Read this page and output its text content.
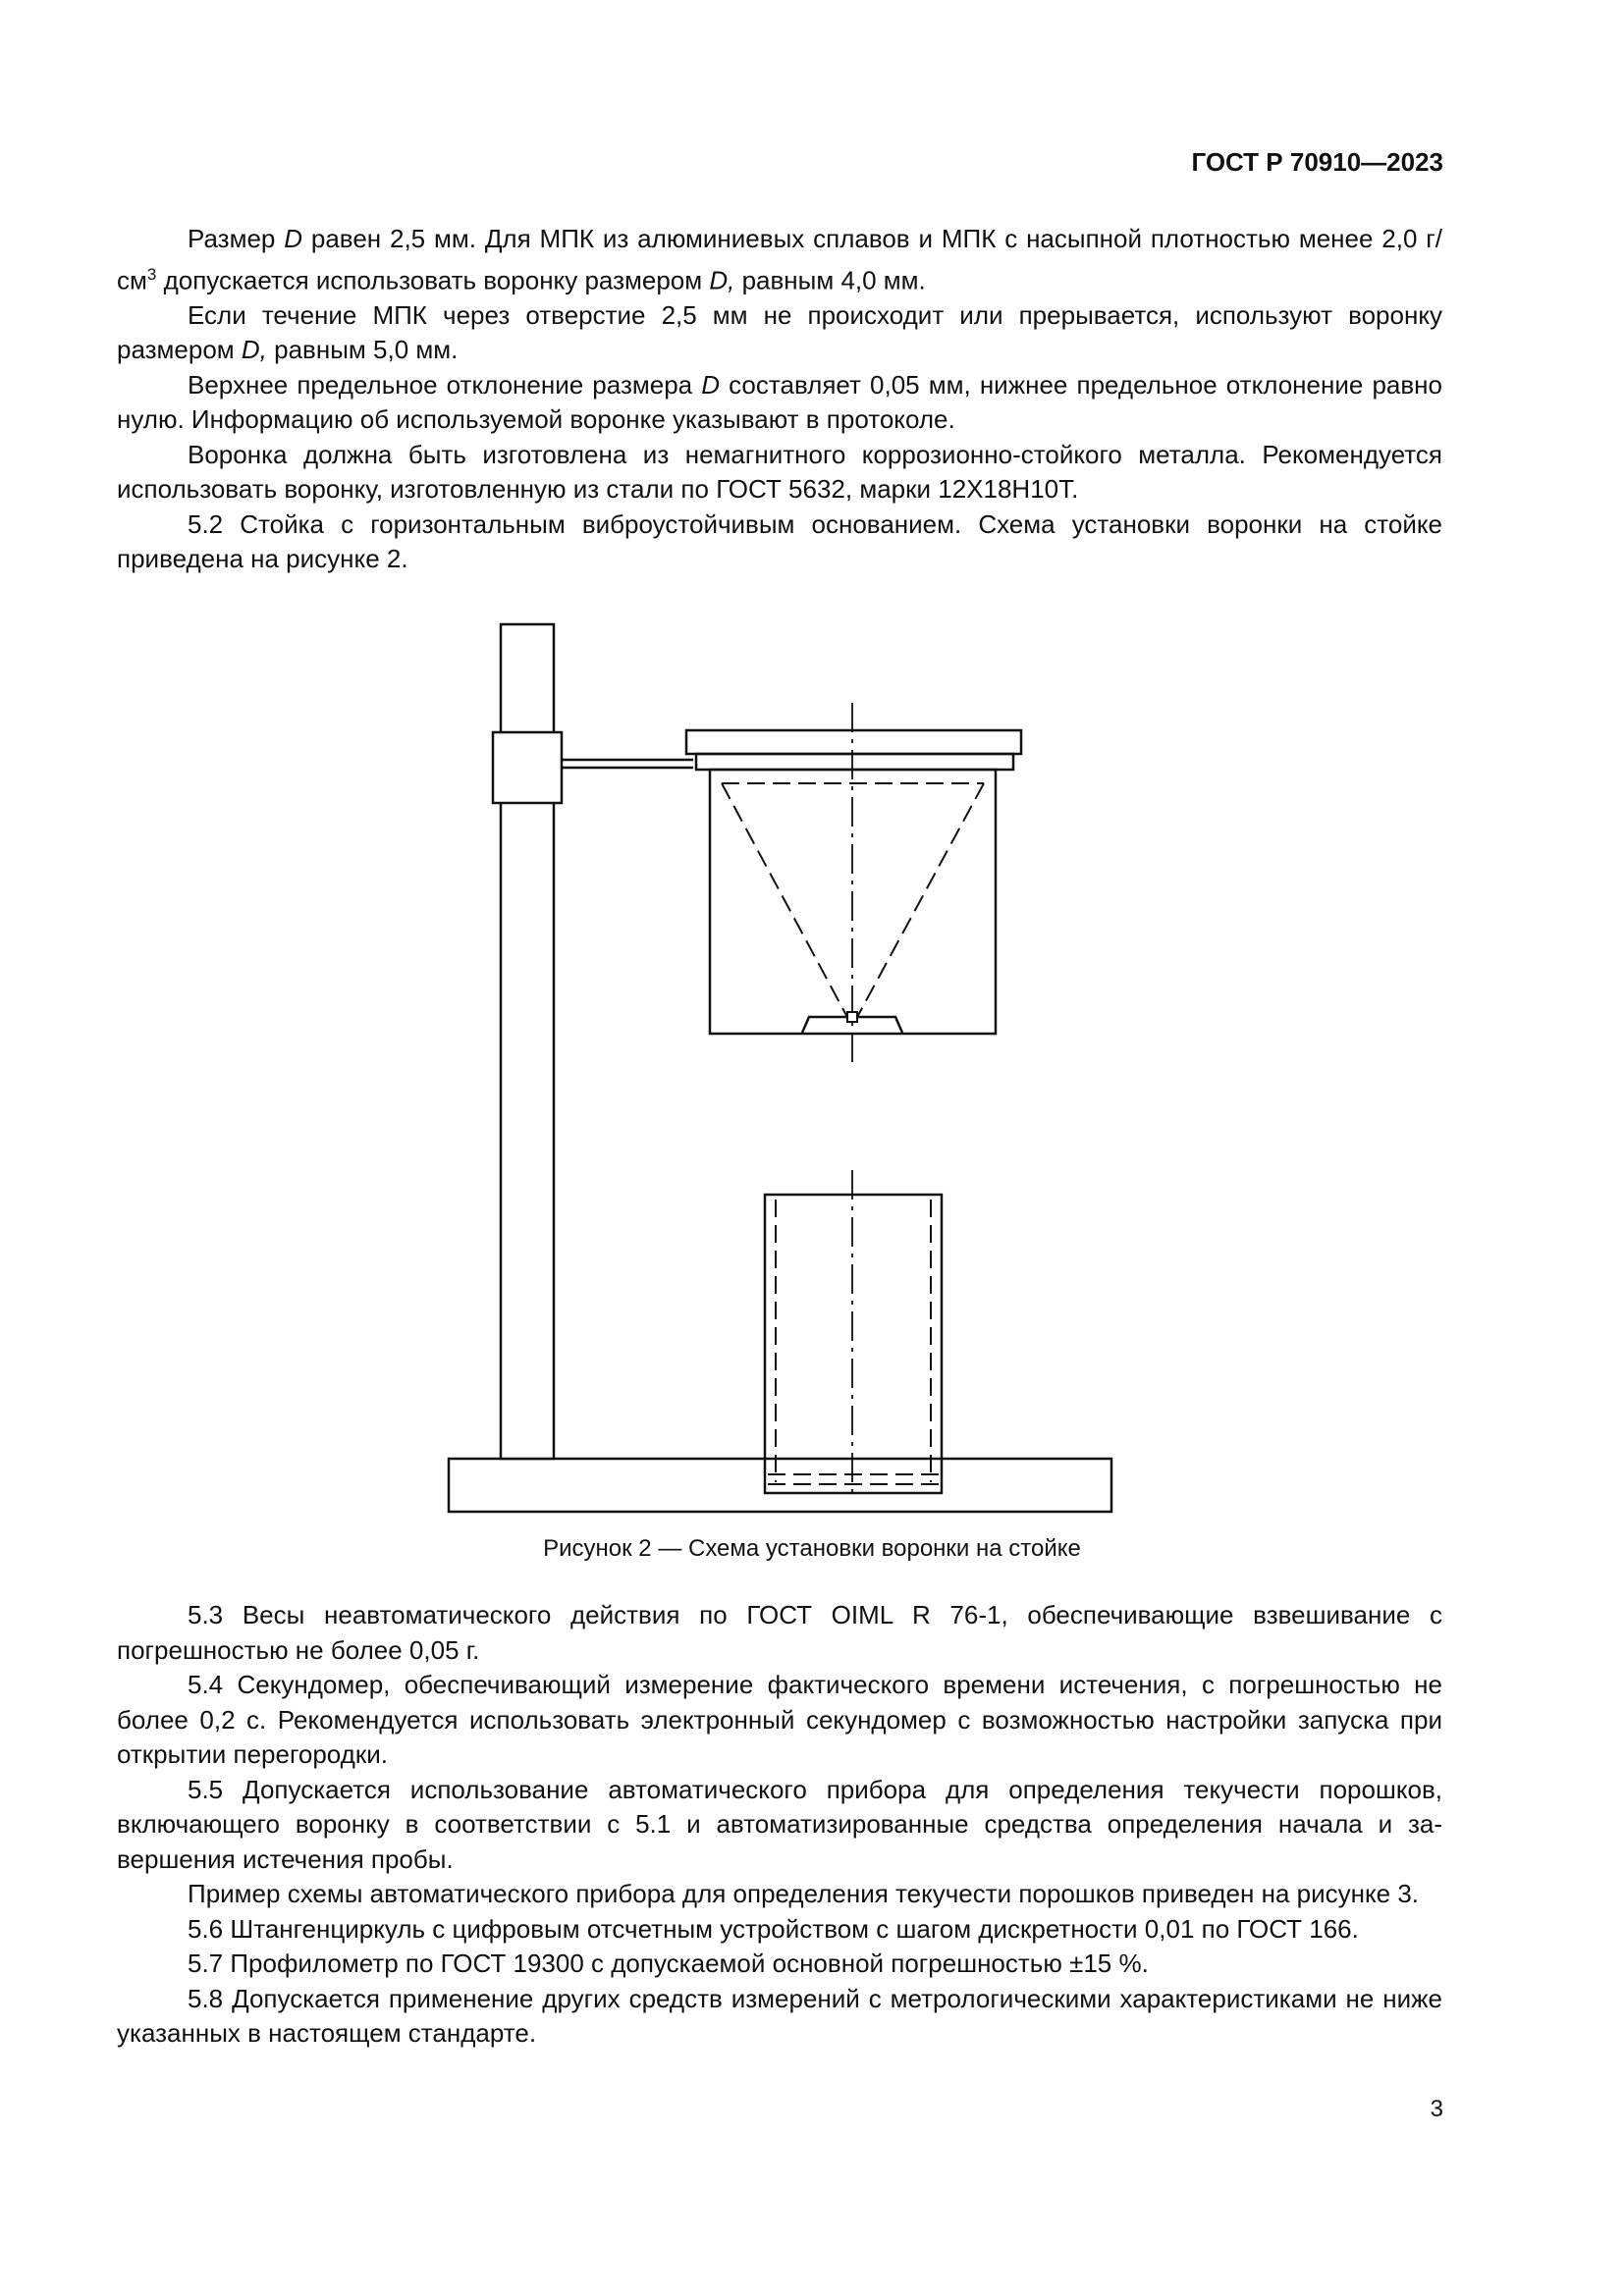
ГОСТ Р 70910—2023

Размер D равен 2,5 мм. Для МПК из алюминиевых сплавов и МПК с насыпной плотностью менее 2,0 $г/см^3$ допускается использовать воронку размером D, равным 4,0 мм.

Если течение МПК через отверстие 2,5 мм не происходит или прерывается, используют воронку размером D, равным 5,0 мм.

Верхнее предельное отклонение размера D составляет 0,05 мм, нижнее предельное отклонение равно нулю. Информацию об используемой воронке указывают в протоколе.

Воронка должна быть изготовлена из немагнитного коррозионно-стойкого металла. Рекомендуется использовать воронку, изготовленную из стали по ГОСТ 5632, марки 12Х18Н10Т.

5.2 Стойка с горизонтальным виброустойчивым основанием. Схема установки воронки на стойке приведена на рисунке 2.

Рисунок 2 — Схема установки воронки на стойке

5.3 Весы неавтоматического действия по ГОСТ OIML R 76-1, обеспечивающие взвешивание с погрешностью не более 0,05 г.

5.4 Секундомер, обеспечивающий измерение фактического времени истечения, с погрешностью не более 0,2 с. Рекомендуется использовать электронный секундомер с возможностью настройки запуска при открытии перегородки.

5.5 Допускается использование автоматического прибора для определения текучести порошков, включающего воронку в соответствии с 5.1 и автоматизированные средства определения начала и завершения истечения пробы.

Пример схемы автоматического прибора для определения текучести порошков приведен на рисунке 3.

5.6 Штангенциркуль с цифровым отсчетным устройством с шагом дискретности 0,01 по ГОСТ 166.

5.7 Профилометр по ГОСТ 19300 с допускаемой основной погрешностью ±15 %.

5.8 Допускается применение других средств измерений с метрологическими характеристиками не ниже указанных в настоящем стандарте.

3
